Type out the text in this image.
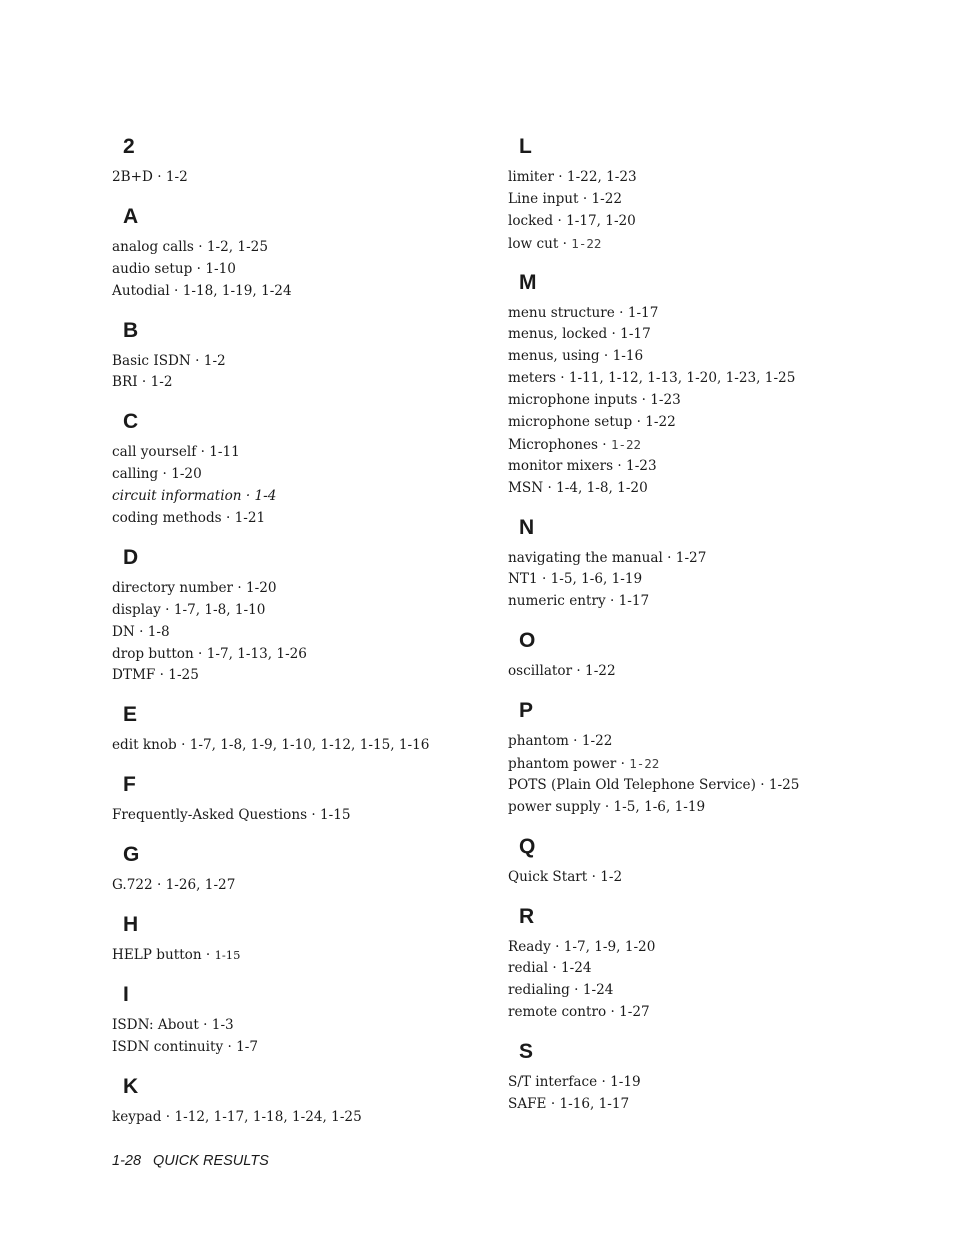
2
2B+D · 1-2
A
analog calls · 1-2, 1-25
audio setup · 1-10
Autodial · 1-18, 1-19, 1-24
B
Basic ISDN · 1-2
BRI · 1-2
C
call yourself · 1-11
calling · 1-20
circuit information · 1-4
coding methods · 1-21
D
directory number · 1-20
display · 1-7, 1-8, 1-10
DN · 1-8
drop button · 1-7, 1-13, 1-26
DTMF · 1-25
E
edit knob · 1-7, 1-8, 1-9, 1-10, 1-12, 1-15, 1-16
F
Frequently-Asked Questions · 1-15
G
G.722 · 1-26, 1-27
H
HELP button · 1-15
I
ISDN: About · 1-3
ISDN continuity · 1-7
K
keypad · 1-12, 1-17, 1-18, 1-24, 1-25
L
limiter · 1-22, 1-23
Line input · 1-22
locked · 1-17, 1-20
low cut · 1-22
M
menu structure · 1-17
menus, locked · 1-17
menus, using · 1-16
meters · 1-11, 1-12, 1-13, 1-20, 1-23, 1-25
microphone inputs · 1-23
microphone setup · 1-22
Microphones · 1-22
monitor mixers · 1-23
MSN · 1-4, 1-8, 1-20
N
navigating the manual · 1-27
NT1 · 1-5, 1-6, 1-19
numeric entry · 1-17
O
oscillator · 1-22
P
phantom · 1-22
phantom power · 1-22
POTS (Plain Old Telephone Service) · 1-25
power supply · 1-5, 1-6, 1-19
Q
Quick Start · 1-2
R
Ready · 1-7, 1-9, 1-20
redial · 1-24
redialing · 1-24
remote contro · 1-27
S
S/T interface · 1-19
SAFE · 1-16, 1-17
1-28 QUICK RESULTS
